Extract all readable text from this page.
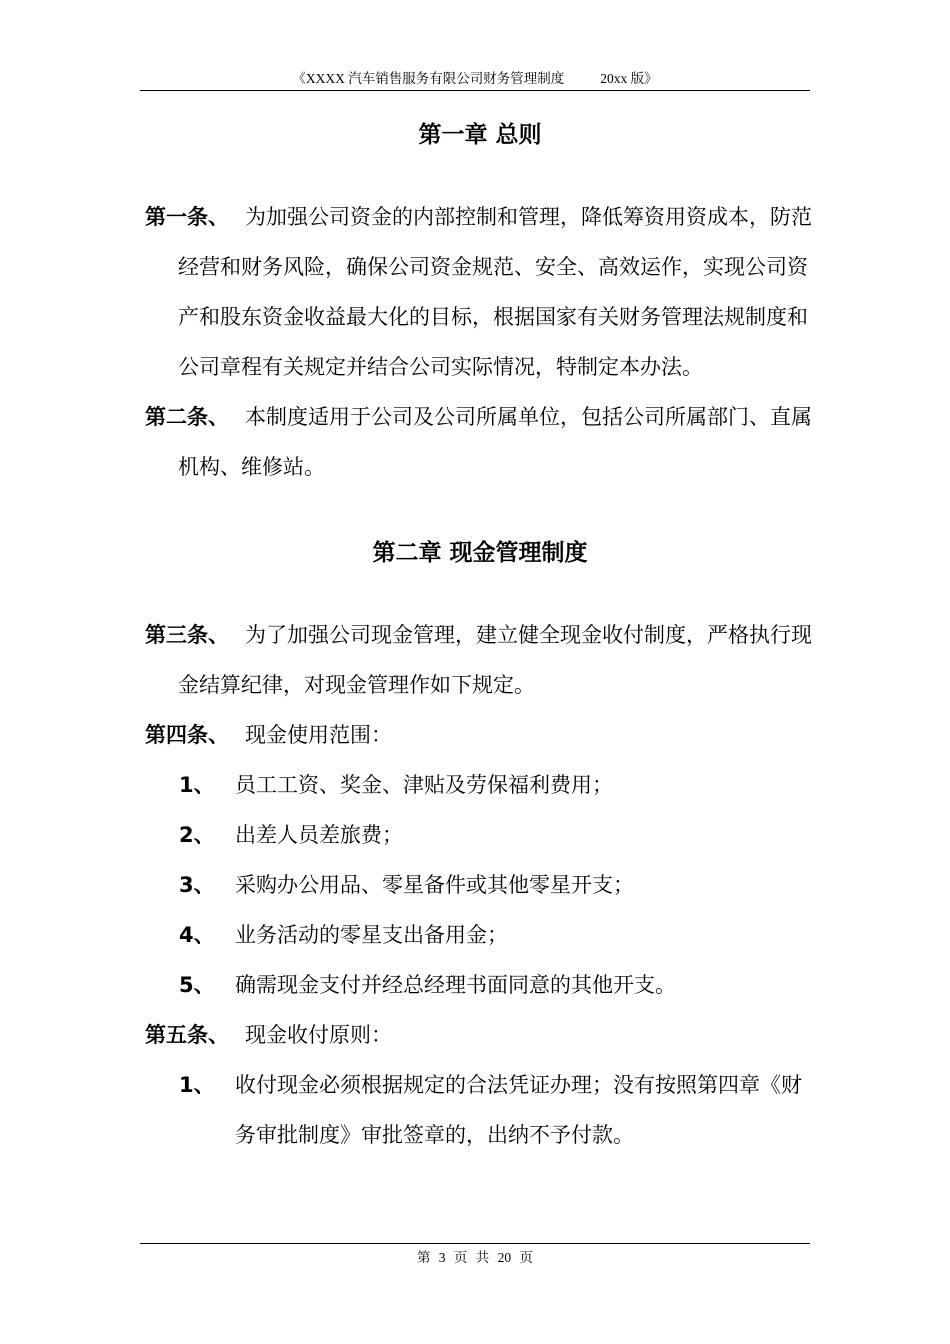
《XXXX 汽车销售服务有限公司财务管理制度	20xx 版》
第一章 总则

第一条、 为加强公司资金的内部控制和管理，降低筹资用资成本，防范经营和财务风险，确保公司资金规范、安全、高效运作，实现公司资产和股东资金收益最大化的目标，根据国家有关财务管理法规制度和公司章程有关规定并结合公司实际情况，特制定本办法。

第二条、 本制度适用于公司及公司所属单位，包括公司所属部门、直属机构、维修站。

第二章 现金管理制度

第三条、 为了加强公司现金管理，建立健全现金收付制度，严格执行现金结算纪律，对现金管理作如下规定。

第四条、 现金使用范围：

1、 员工工资、奖金、津贴及劳保福利费用；

2、 出差人员差旅费；

3、 采购办公用品、零星备件或其他零星开支；

4、 业务活动的零星支出备用金；

5、 确需现金支付并经总经理书面同意的其他开支。

第五条、 现金收付原则：

1、 收付现金必须根据规定的合法凭证办理；没有按照第四章《财务审批制度》审批签章的，出纳不予付款。

第 3 页 共 20 页
